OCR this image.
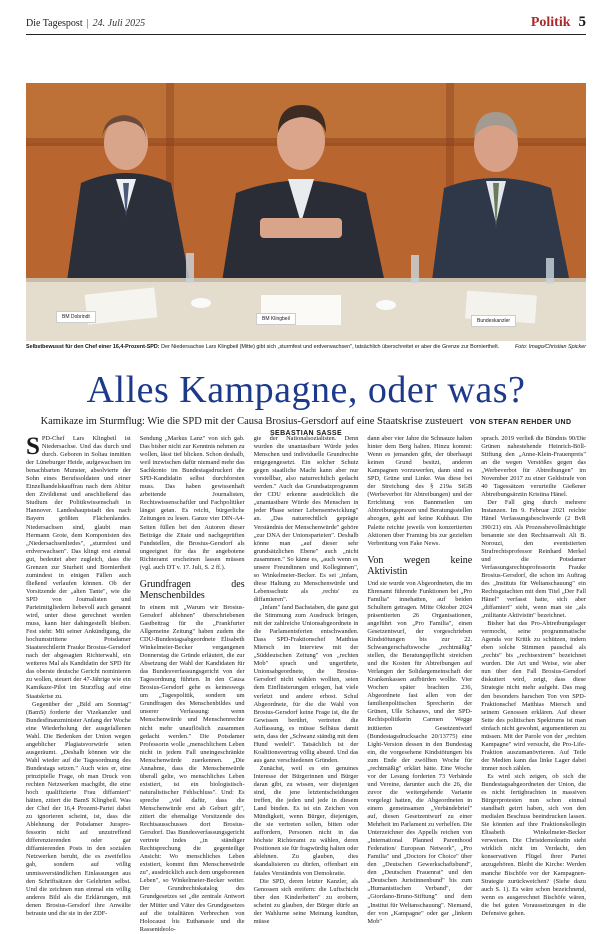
Die Tagespost | 24. Juli 2025	Politik 5
BM Dobrindt	BM Klingbeil	Bundeskanzler
Selbstbewusst für den Chef einer 16,4-Prozent-SPD: Der Niedersachse Lars Klingbeil (Mitte) gibt sich „sturmfest und erdverwachsen", tatsächlich überschreitet er aber die Grenze zur Bornierthelt.	Foto: Imago/Christian Spicker
Alles Kampagne, oder was?
Kamikaze im Sturmflug: Wie die SPD mit der Causa Brosius-Gersdorf auf eine Staatskrise zusteuert VON STEFAN REHDER UND SEBASTIAN SASSE

SPD-Chef Lars Klingbeil ist Niedersachse. Und das durch und durch. Geboren in Soltau inmitten der Lüneburger Heide, aufgewachsen im benachbarten Munster, absolvierte der Sohn eines Berufssoldaten und einer Einzelhandelskauffrau nach dem Abitur den Zivildienst und anschließend das Studium der Politikwissenschaft in Hannover. Landeshauptstadt des nach Bayern größten Flächenlandes. Niedersachsen sind, glaubt man Hermann Grote, dem Komponisten des „Niedersachsenliedes", „sturmfest und erdverwachsen". Das klingt erst einmal gut, bedeutet aber zugleich, dass die Grenzen zur Sturheit und Borniertheit zumindest in einigen Fällen auch fließend verlaufen können. Ob der Vorsitzende der „alten Tante", wie die SPD von Journalisten und Parteimitgliedern liebevoll auch genannt wird, unter diese gerechnet werden muss, kann hier dahingestellt bleiben. Fest steht: Mit seiner Ankündigung, die hochumstrittene Potsdamer Staatsrechtlerin Frauke Brosius-Gersdorf nach der abgesagten Richterwahl, ein weiteres Mal als Kandidatin der SPD für das oberste deutsche Gericht nominieren zu wollen, steuert der 47-Jährige wie ein Kamikaze-Pilot im Sturzflug auf eine Staatskrise zu.

Gegenüber der „Bild am Sonntag" (BamS) forderte der Vizekanzler und Bundesfinanzminister Anfang der Woche eine Wiederholung der ausgefallenen Wahl. Die Bedenken der Union wegen angeblicher Plagiatsvorwürfe seien ausgeräumt. „Deshalb können wir die Wahl wieder auf die Tagesordnung des Bundestags setzen." Auch wies er, eine prinzipielle Frage, ob man Druck von rechten Netzwerken machgibt, die eine hoch qualifizierte Frau diffamiert" hätten, zitiert die BamS Klingbeil. Was der Chef der 16,4 Prozent-Partei dabei zu ignorieren scheint, ist, dass die Ablehnung der Potsdamer Juraprofessorin nicht auf unzutreffend differenzierenden oder gar diffamierenden Posts in den sozialen Netzwerken beruht, die es zweifellos gab, sondern auf völlig unmissverständlichen Einlassungen aus den Schriftsätzen der Gelehrten selbst. Und die zeichnen nun einmal ein völlig anderes Bild als die Erklärungen, mit denen Brosius-Gersdorf ihre Anwälte betraute und die sie in der ZDF-

Sendung „Markus Lanz" von sich gab. Das bisher nicht zur Kenntnis nehmen zu wollen, lässt tief blicken. Schon deshalb, weil inzwischen dafür niemand mehr das Sachkonto im Bundestagsdruckeri die SPD-Kandidatin selbst durchforsten muss. Das haben gewissenhaft arbeitende Journalisten, Rechtswissenschaftler und Fachpolitiker längst getan. Es reicht, bürgerliche Zeitungen zu lesen. Ganze vier DIN-A4-Seiten füllen bei den Autoren dieser Beiträge die Zitate und nachgeprüften Fundstellen, die Brosius-Gersdorf als ungeeignet für das ihr angebotene Richteramt erscheinen lassen müssen (vgl. auch DT v. 17. Juli, S. 2 ff.).

Grundfragen des Menschenbildes

In einem mit „Warum wir Brosius-Gersdorf ablehnen" überschriebenen Gastbeitrag für die „Frankfurter Allgemeine Zeitung" haben zudem die CDU-Bundestagsabgeordnete Elisabeth Winkelmeier-Becker vergangenen Donnerstag die Gründe erläutert, die zur Absetzung der Wahl der Kandidaten für das Bundesverfassungsgericht von der Tagesordnung führten. In den Causa Brosius-Gersdorf gehe es keineswegs um „Tagespolitik, sondern um Grundfragen des Menschenbildes und unserer Verfassung: wenn Menschenwürde und Menschenrechte nicht mehr unauflöslich zusammen gedacht werden." Die Potsdamer Professorin wolle „menschlichem Leben nicht in jedem Fall uneingeschränkte Menschenwürde zuerkennen. „Die Annahme, dass die Menschenwürde überall gelte, wo menschliches Leben existiert, ist ein biologistisch-naturalistischer Fehlschluss". Und: Es spreche „viel dafür, dass die Menschenwürde erst ab Geburt gilt", zitiert die ehemalige Vorsitzende des Rechtsausschusses dort Brosius-Gersdorf. Das Bundesverfassungsgericht vertrete indes „in ständiger Rechtsprechung die gegenteilige Ansicht: Wo menschliches Leben existiert, kommt ihm Menschenwürde zu", ausdrücklich auch dem ungeborenen Leben", so Winkelmeier-Becker weiter. Der Grundrechtskatalog des Grundgesetzes sei „die zentrale Antwort der Mütter und Väter des Grundgesetzes auf die totalitären Verbrechen von Holocaust bis Euthanasie und die Rassenideolo-

gie der Nationalsozialisten. Denn wurden die unantastbare Würde jedes Menschen und individuelle Grundrechte entgegengesetzt. Ein solcher Schutz gegen staatliche Macht kann aber nur vorstellbar, also naturrechtlich gedacht werden." Auch das Grundsatzprogramm der CDU erkenne ausdrücklich die „unantastbare Würde des Menschen in jeder Phase seiner Lebensentwicklung" an. „Das naturrechtlich geprägte Verständnis der Menschenwürde" gehöre „zur DNA der Unionsparteien". Deshalb könne man „auf dieser sehr grundsätzlichen Ebene" auch „nicht zusammen." So käme es, „auch wenn es unsere Freundinnen und Kolleginnen", so Winkelmeier-Becker. Es sei „infam, diese Haltung zu Menschenwürde und Lebensschutz als ‚rechts' zu diffamieren".

„Infam" fand Bachstaben, die ganz gut die Stimmung zum Ausdruck bringen, mit der zahlreiche Unionsabgeordnete in die Parlamentsferien entschwanden. Dass SPD-Fraktionschef Matthias Miersch im Interview mit der „Süddeutschen Zeitung" von „rechten Mob" sprach und ungerührte, Unionsabgeordnete, die Brosius-Gersdorf nicht wählen wollten, seien dem Einflüsterungen erlegen, hat viele verletzt und andere erbost. Schul Abgeordnete, für die die Wahl von Brosius-Gersdorf keine Frage ist, die ihr Gewissen berührt, vertreten die Auffassung, es müsse Selbäus damit sein, dass der „Schwanz ständig mit dem Hund wedelt". Tatsächlich ist der Koalitionsvertrag völlig absurd. Und das aus ganz verschiedenen Gründen.

Zunächst, weil es ein genuines Interesse der Bürgerinnen und Bürger daran gibt, zu wissen, wer diejenigen sind, die jene letztentscheidungen treffen, die jeden und jede in diesem Land binden. Es ist ein Zeichen von Mündigkeit, wenn Bürger, diejenigen, die sie vertreten sollen, bitten oder auffordern, Personen nicht in das höchste Richteramt zu wählen, deren Positionen sie für fragwürdig halten oder ablehnen. Zu glauben, dies skandalisieren zu dürfen, offenbart ein fatales Verständnis von Demokratie.

Die SPD, deren letzter Kanzler, als Genossen sich ereifern: die Luftschicht über den Kinderbetten" zu erobern, scheint zu glauben, der Bürger dürfe an der Wahlurne seine Meinung kundtun, müsse

dann aber vier Jahre die Schnauze halten hinter dem Berg halten. Hinzu kommt: Wenn es jemanden gibt, der überhaupt keinen Grund besitzt, anderen Kampagnen vorzuwerfen, dann sind es SPD, Grüne und Linke. Was diese bei der Streichung des § 219a StGB (Werbeverbot für Abtreibungen) und der Errichtung von Bannmeilen um Abtreibungspraxen und Beratungsstellen abzogen, geht auf keine Kuhhaut. Die Palette reichte jeweils von konzertierten Aktionen über Framing bis zur gezielten Verbreitung von Fake News.

Von wegen keine Aktivistin

Und sie wurde von Abgeordneten, die im Ehrenamt führende Funktionen bei „Pro Familia" innehatten, auf beiden Schultern getragen. Mitte Oktober 2024 präsentierten 26 Organisationen, angeführt von „Pro Familia", einen Gesetzentwurf, der vorgeschrieben Kindstötungen bis zur 22. Schwangerschaftswoche „rechtmäßig" stellen, die Beratungspflicht streichen und die Kosten für Abtreibungen auf Verlangen der Solidargemeinschaft der Krankenkassen aufbürden wollte. Vier Wochen später brachten 236, Abgeordnete fast allen von der familienpolitischen Sprecherin der Grünen, Ulle Schauws, und der SPD-Rechtspolitikerin Carmen Wegge initiierten Gesetzentwurf (Bundestagsdrucksache 20/13775) eine Light-Version dessen in den Bundestag ein, die vorgesehene Kindstötungen bis zum Ende der zwölften Woche für „rechtmäßig" erklärt hätte. Eine Woche vor der Lesung forderten 73 Verbände und Vereine, darunter auch die 26, die zuvor die weitergehende Variante vorgelegt hatten, die Abgeordneten in einem gemeinsamen „Verbändebrief" auf, diesen Gesetzentwurf zu einer Mehrheit im Parlament zu verhelfen. Die Unterzeichner des Appells reichen von „International Planned Parenthood Federation/ European Network", „Pro Familia" und „Doctors for Choice" über den „Deutschen Gewerkschaftsbund", den „Deutschen Frauenrat" und den „Deutschen Juristinnenbund" bis zum „Humanistischen Verband", der „Giordano-Bruno-Stiftung" und dem „Institut für Weltanschauung". Niemand, der von „Kampagne" oder gar „linkem Mob"

sprach. 2019 verließ die Bündnis 90/Die Grünen nahestehende Heinrich-Böll-Stiftung den „Anne-Klein-Frauenpreis" an die wegen Verstößes gegen das „Werbeverbot für Abtreibungen" im November 2017 zu einer Geldstrafe von 40 Tagessätzen verurteilte Gießener Abtreibungsärztin Kristina Hänel.

Der Fall ging durch mehrere Instanzen. Im 9. Februar 2021 reichte Hänel Verfassungsbeschwerde (2 BvR 390/21) ein. Als Prozessbevollmächtigte benannte sie den Rechtsanwalt Ali B. Norouzi, den eventstierten Strafrechtsprofessor Reinhard Merkel und die Potsdamer Verfassungsrechtsprofessorin Frauke Brosius-Gersdorf, die schon im Auftrag des „Instituts für Weltanschauung" ein Rechtsgutachten mit dem Titel „Der Fall Hänel" verfasst hatte, sich aber „diffamiert" sieht, wenn man sie „als „militante Aktivistin" bezeichnet.

Bisher hat das Pro-Abtreibungslager vermocht, seine programmatische Agenda vor Kritik zu schützen, indem eben solche Stimmen pauschal als „rechts" bis „rechtsextrem" bezeichnet wurden. Die Art und Weise, wie aber nun über den Fall Brosius-Gersdorf diskutiert wird, zeigt, dass diese Strategie nicht mehr aufgeht. Das mag den besonders harschen Ton von SPD-Fraktionschef Matthias Miersch und seinem Genossen erklären. Auf dieser Seite des politischen Spektrums ist man einfach nicht gewohnt, argumentieren zu müssen. Mit der Parole von der „rechten Kampagne" wird versucht, die Pro-Life-Fraktion auszumanövrieren. Auf Teile der Medien kann das linke Lager dabei immer noch zählen.

Es wird sich zeigen, ob sich die Bundestagsabgeordneten der Union, die es nicht fertigbrachten in massiven Bürgerprotesten nun schon einmal standhaft geirrt haben, sich von den medialen Beschuss beeindrucken lassen. Sie könnten auf ihre Fraktionskollegin Elisabeth Winkelmeier-Becker verweisen. Die Christdemokratin steht wirklich nicht im Verdacht, den konservativen Flügel ihrer Partei anzugehören. Bleibt die Kirche: Werden manche Bischöfe vor der Kampagnen-Strategie zurückweichen? (Siehe dazu auch S. 1). Es wäre schon bezeichnend, wenn es ausgerechnet Bischöfe wären, die bei guten Voraussetzungen in die Defensive gehen.
